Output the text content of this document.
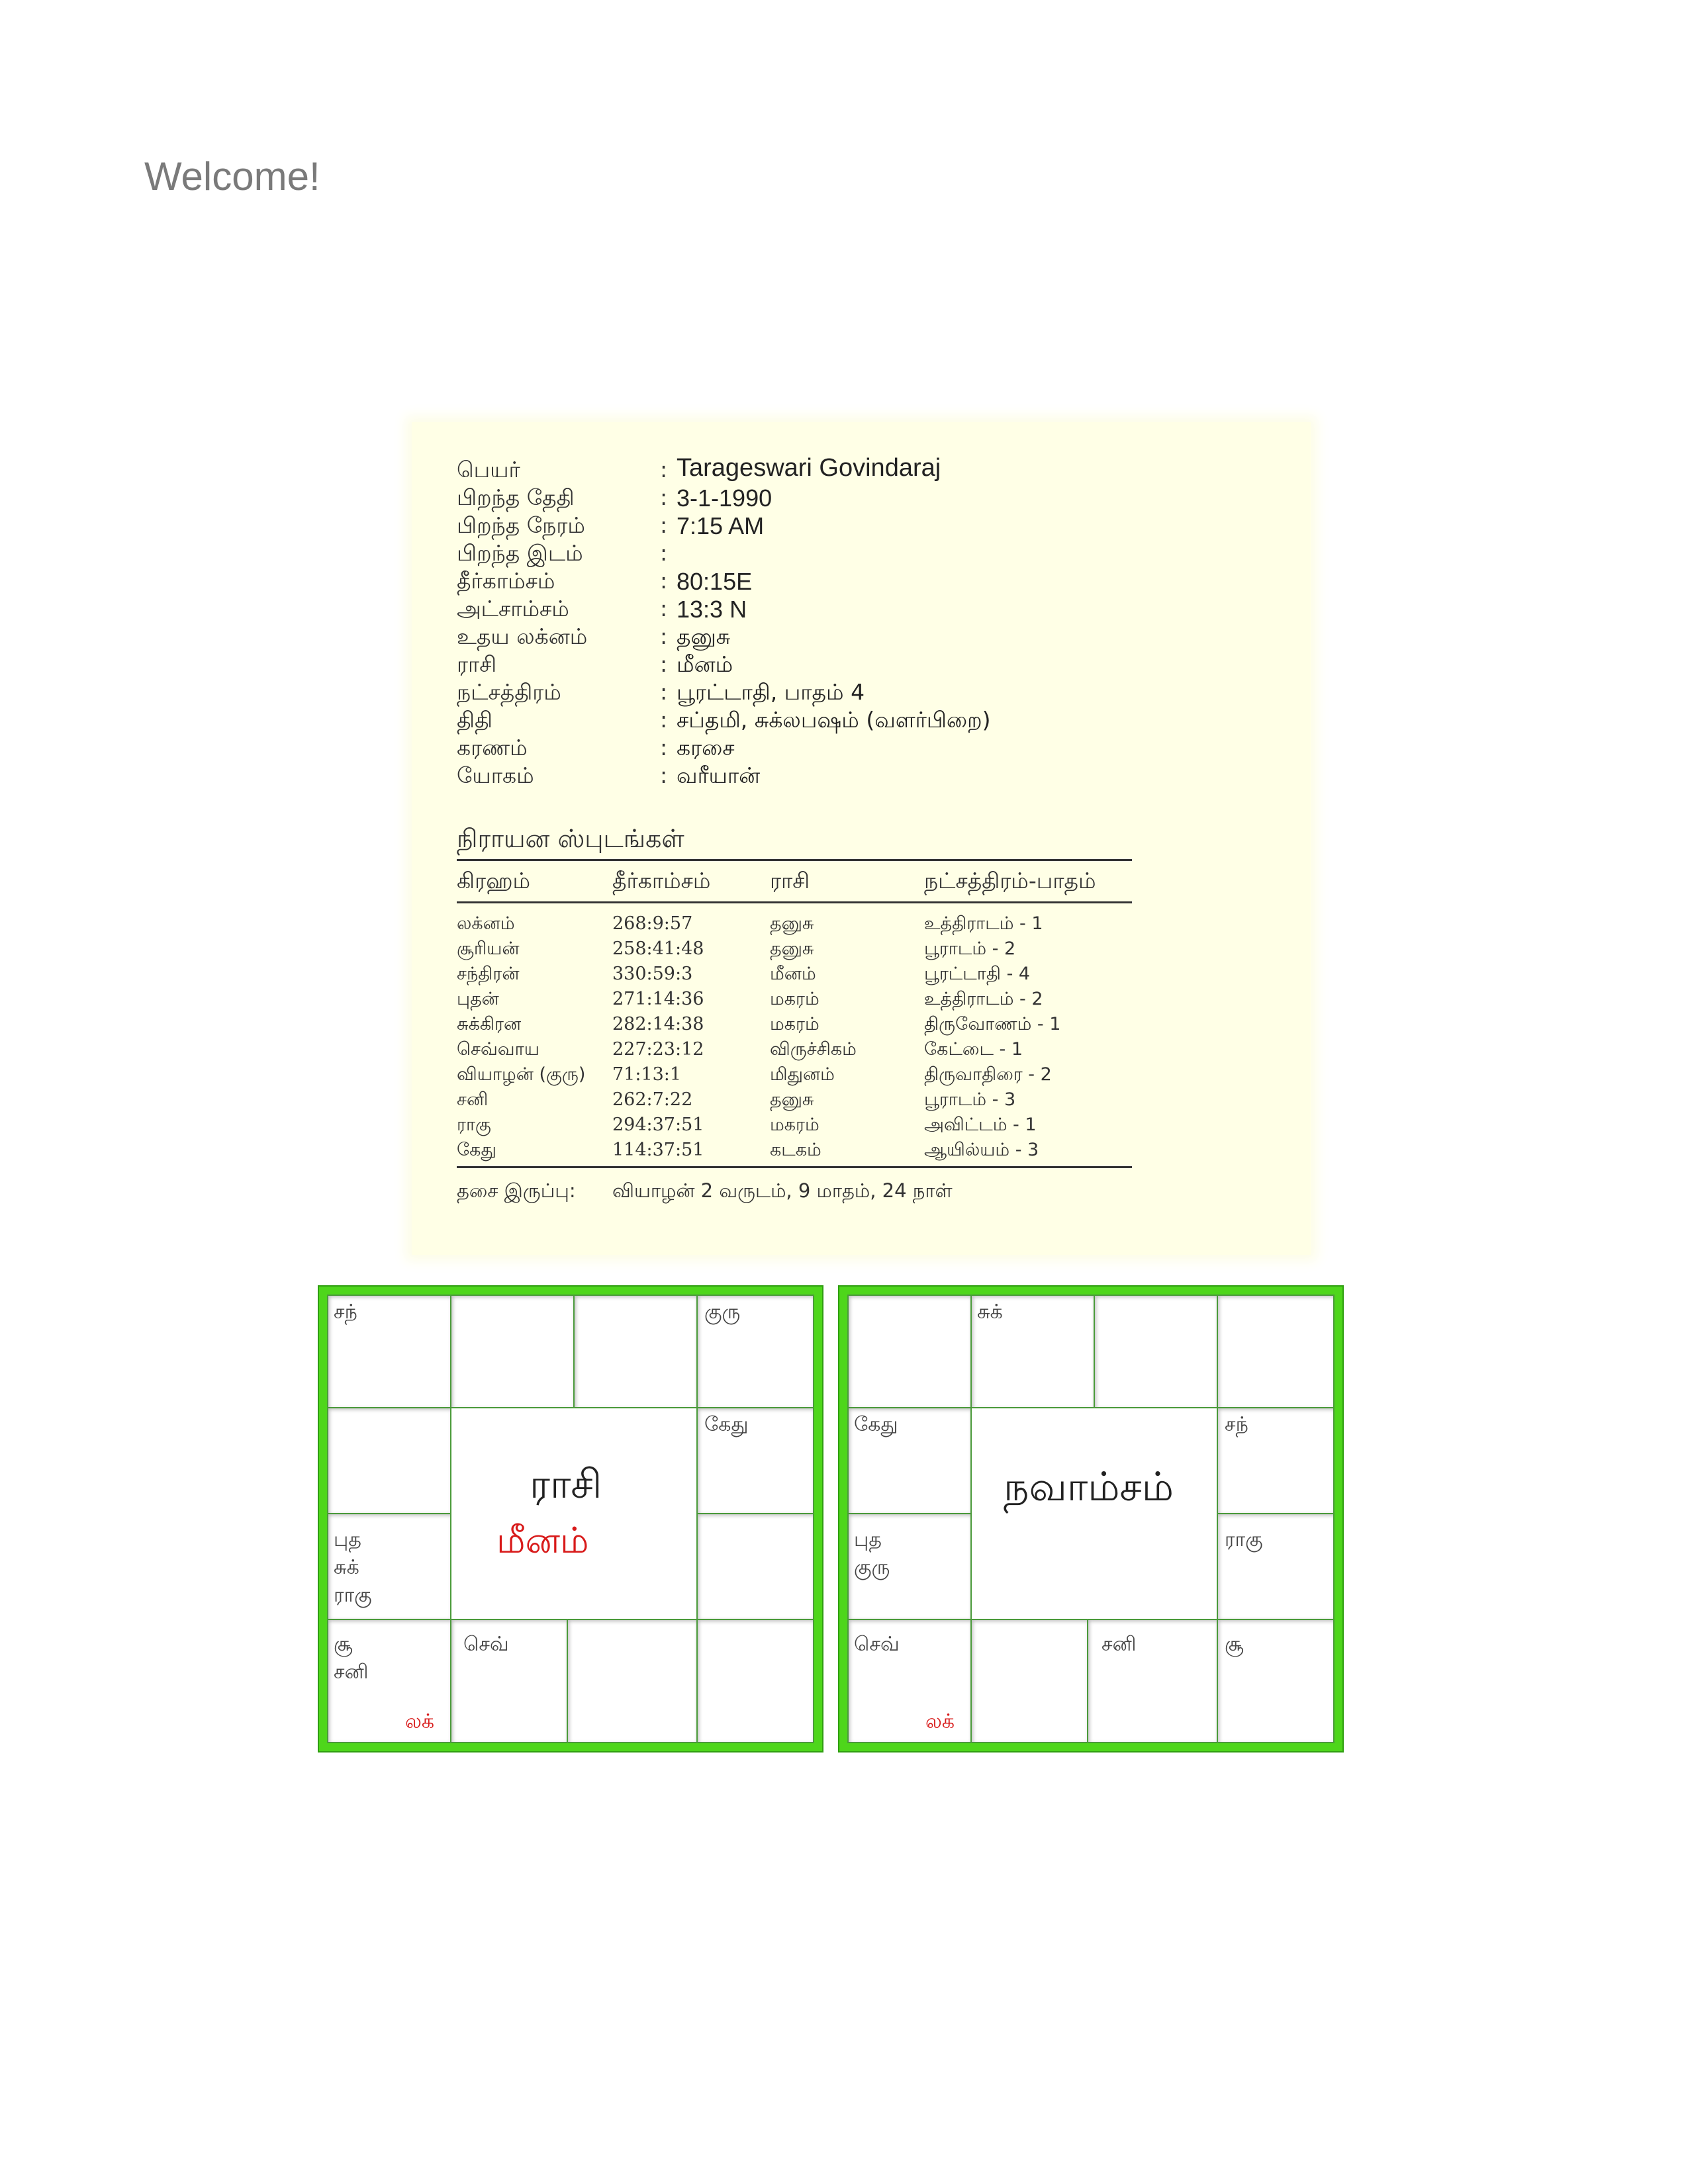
Welcome!
பெயர்	: Tarageswari Govindaraj
பிறந்த தேதி	: 3-1-1990
பிறந்த நேரம்	: 7:15 AM
பிறந்த இடம்	:
தீர்காம்சம்	: 80:15E
அட்சாம்சம்	: 13:3 N
உதய லக்னம்	: தனுசு
ராசி	: மீனம்
நட்சத்திரம்	: பூரட்டாதி, பாதம் 4
திதி	: சப்தமி, சுக்லபஷம் (வளர்பிறை)
கரணம்	: கரசை
யோகம்	: வரீயான்
நிராயன ஸ்புடங்கள்
கிரஹம்	தீர்காம்சம்	ராசி	நட்சத்திரம்-பாதம்
லக்னம்	268:9:57	தனுசு	உத்திராடம் - 1
சூரியன்	258:41:48	தனுசு	பூராடம் - 2
சந்திரன்	330:59:3	மீனம்	பூரட்டாதி - 4
புதன்	271:14:36	மகரம்	உத்திராடம் - 2
சுக்கிரன	282:14:38	மகரம்	திருவோணம் - 1
செவ்வாய	227:23:12	விருச்சிகம்	கேட்டை - 1
வியாழன் (குரு) 71:13:1	மிதுனம்	திருவாதிரை - 2
சனி	262:7:22	தனுசு	பூராடம் - 3
ராகு	294:37:51	மகரம்	அவிட்டம் - 1
கேது	114:37:51	கடகம்	ஆயில்யம் - 3
தசை இருப்பு: வியாழன் 2 வருடம், 9 மாதம், 24 நாள்
சந்	குரு
கேது
புத
சுக்
ராகு
சூ
சனி
செவ்
லக்
ராசி
மீனம்
சுக்
சந்
கேது
ராகு
புத
குரு
செவ்	சனி	சூ
லக்
நவாம்சம்
